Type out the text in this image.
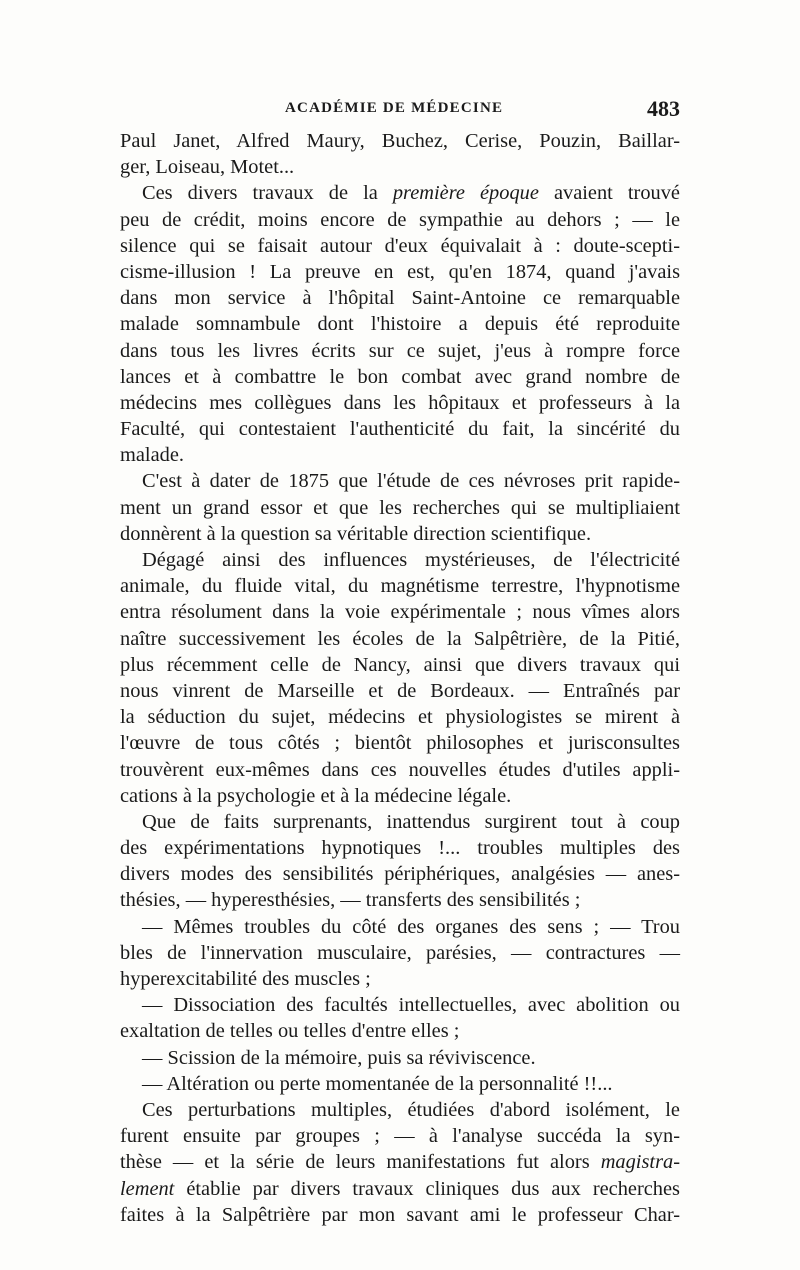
ACADÉMIE DE MÉDECINE	483
Paul Janet, Alfred Maury, Buchez, Cerise, Pouzin, Baillar-
ger, Loiseau, Motet...
Ces divers travaux de la première époque avaient trouvé
peu de crédit, moins encore de sympathie au dehors ; — le
silence qui se faisait autour d'eux équivalait à : doute-scepti-
cisme-illusion ! La preuve en est, qu'en 1874, quand j'avais
dans mon service à l'hôpital Saint-Antoine ce remarquable
malade somnambule dont l'histoire a depuis été reproduite
dans tous les livres écrits sur ce sujet, j'eus à rompre force
lances et à combattre le bon combat avec grand nombre de
médecins mes collègues dans les hôpitaux et professeurs à la
Faculté, qui contestaient l'authenticité du fait, la sincérité du
malade.
C'est à dater de 1875 que l'étude de ces névroses prit rapide-
ment un grand essor et que les recherches qui se multipliaient
donnèrent à la question sa véritable direction scientifique.
Dégagé ainsi des influences mystérieuses, de l'électricité
animale, du fluide vital, du magnétisme terrestre, l'hypnotisme
entra résolument dans la voie expérimentale ; nous vîmes alors
naître successivement les écoles de la Salpêtrière, de la Pitié,
plus récemment celle de Nancy, ainsi que divers travaux qui
nous vinrent de Marseille et de Bordeaux. — Entraînés par
la séduction du sujet, médecins et physiologistes se mirent à
l'œuvre de tous côtés ; bientôt philosophes et jurisconsultes
trouvèrent eux-mêmes dans ces nouvelles études d'utiles appli-
cations à la psychologie et à la médecine légale.
Que de faits surprenants, inattendus surgirent tout à coup
des expérimentations hypnotiques !... troubles multiples des
divers modes des sensibilités périphériques, analgésies — anes-
thésies, — hyperesthésies, — transferts des sensibilités ;
— Mêmes troubles du côté des organes des sens ; — Trou
bles de l'innervation musculaire, parésies, — contractures —
hyperexcitabilité des muscles ;
— Dissociation des facultés intellectuelles, avec abolition ou
exaltation de telles ou telles d'entre elles ;
— Scission de la mémoire, puis sa réviviscence.
— Altération ou perte momentanée de la personnalité !!...
Ces perturbations multiples, étudiées d'abord isolément, le
furent ensuite par groupes ; — à l'analyse succéda la syn-
thèse — et la série de leurs manifestations fut alors magistra-
lement établie par divers travaux cliniques dus aux recherches
faites à la Salpêtrière par mon savant ami le professeur Char-
